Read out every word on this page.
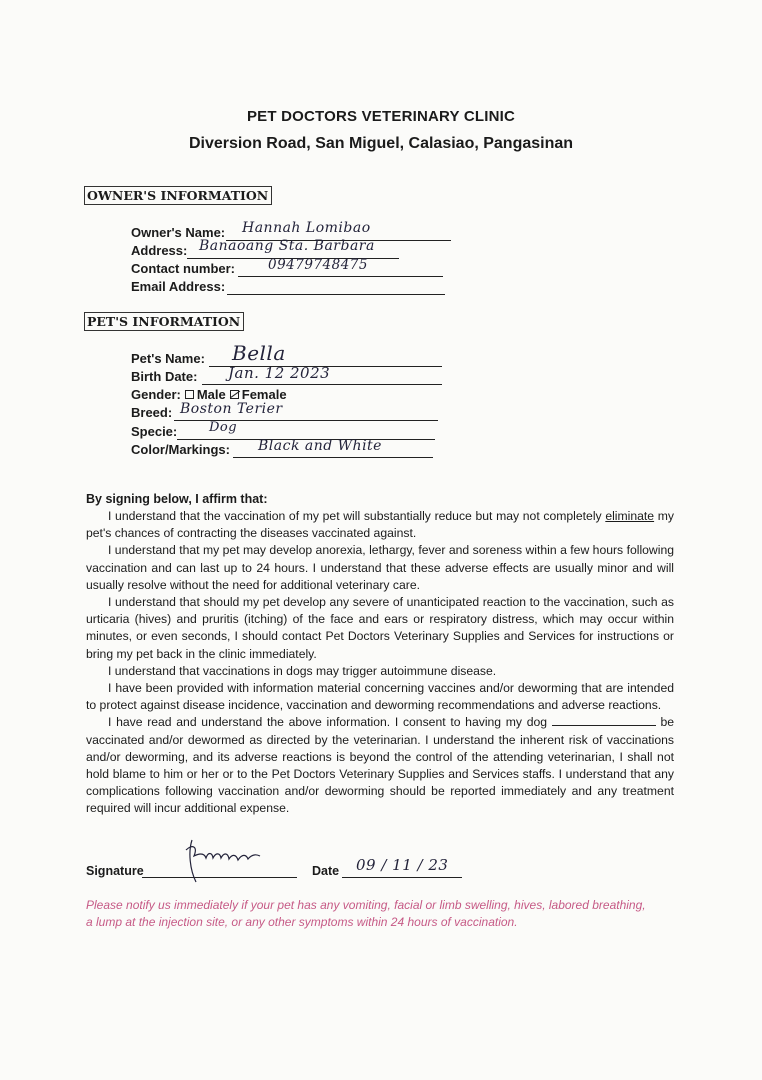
PET DOCTORS VETERINARY CLINIC
Diversion Road, San Miguel, Calasiao, Pangasinan
OWNER'S INFORMATION
Owner's Name: Hannah Lomibao
Address: Banaoang Sta. Barbara
Contact number: 09479748475
Email Address:
PET'S INFORMATION
Pet's Name: Bella
Birth Date: Jan. 12 2023
Gender: Male Female
Breed: Boston Terier
Specie: Dog
Color/Markings: Black and White
By signing below, I affirm that:

I understand that the vaccination of my pet will substantially reduce but may not completely eliminate my pet's chances of contracting the diseases vaccinated against.

I understand that my pet may develop anorexia, lethargy, fever and soreness within a few hours following vaccination and can last up to 24 hours. I understand that these adverse effects are usually minor and will usually resolve without the need for additional veterinary care.

I understand that should my pet develop any severe of unanticipated reaction to the vaccination, such as urticaria (hives) and pruritis (itching) of the face and ears or respiratory distress, which may occur within minutes, or even seconds, I should contact Pet Doctors Veterinary Supplies and Services for instructions or bring my pet back in the clinic immediately.

I understand that vaccinations in dogs may trigger autoimmune disease.

I have been provided with information material concerning vaccines and/or deworming that are intended to protect against disease incidence, vaccination and deworming recommendations and adverse reactions.

I have read and understand the above information. I consent to having my dog	be vaccinated and/or dewormed as directed by the veterinarian. I understand the inherent risk of vaccinations and/or deworming, and its adverse reactions is beyond the control of the attending veterinarian, I shall not hold blame to him or her or to the Pet Doctors Veterinary Supplies and Services staffs. I understand that any complications following vaccination and/or deworming should be reported immediately and any treatment required will incur additional expense.

Signature	Date 09 / 11 / 23
Please notify us immediately if your pet has any vomiting, facial or limb swelling, hives, labored breathing, a lump at the injection site, or any other symptoms within 24 hours of vaccination.
